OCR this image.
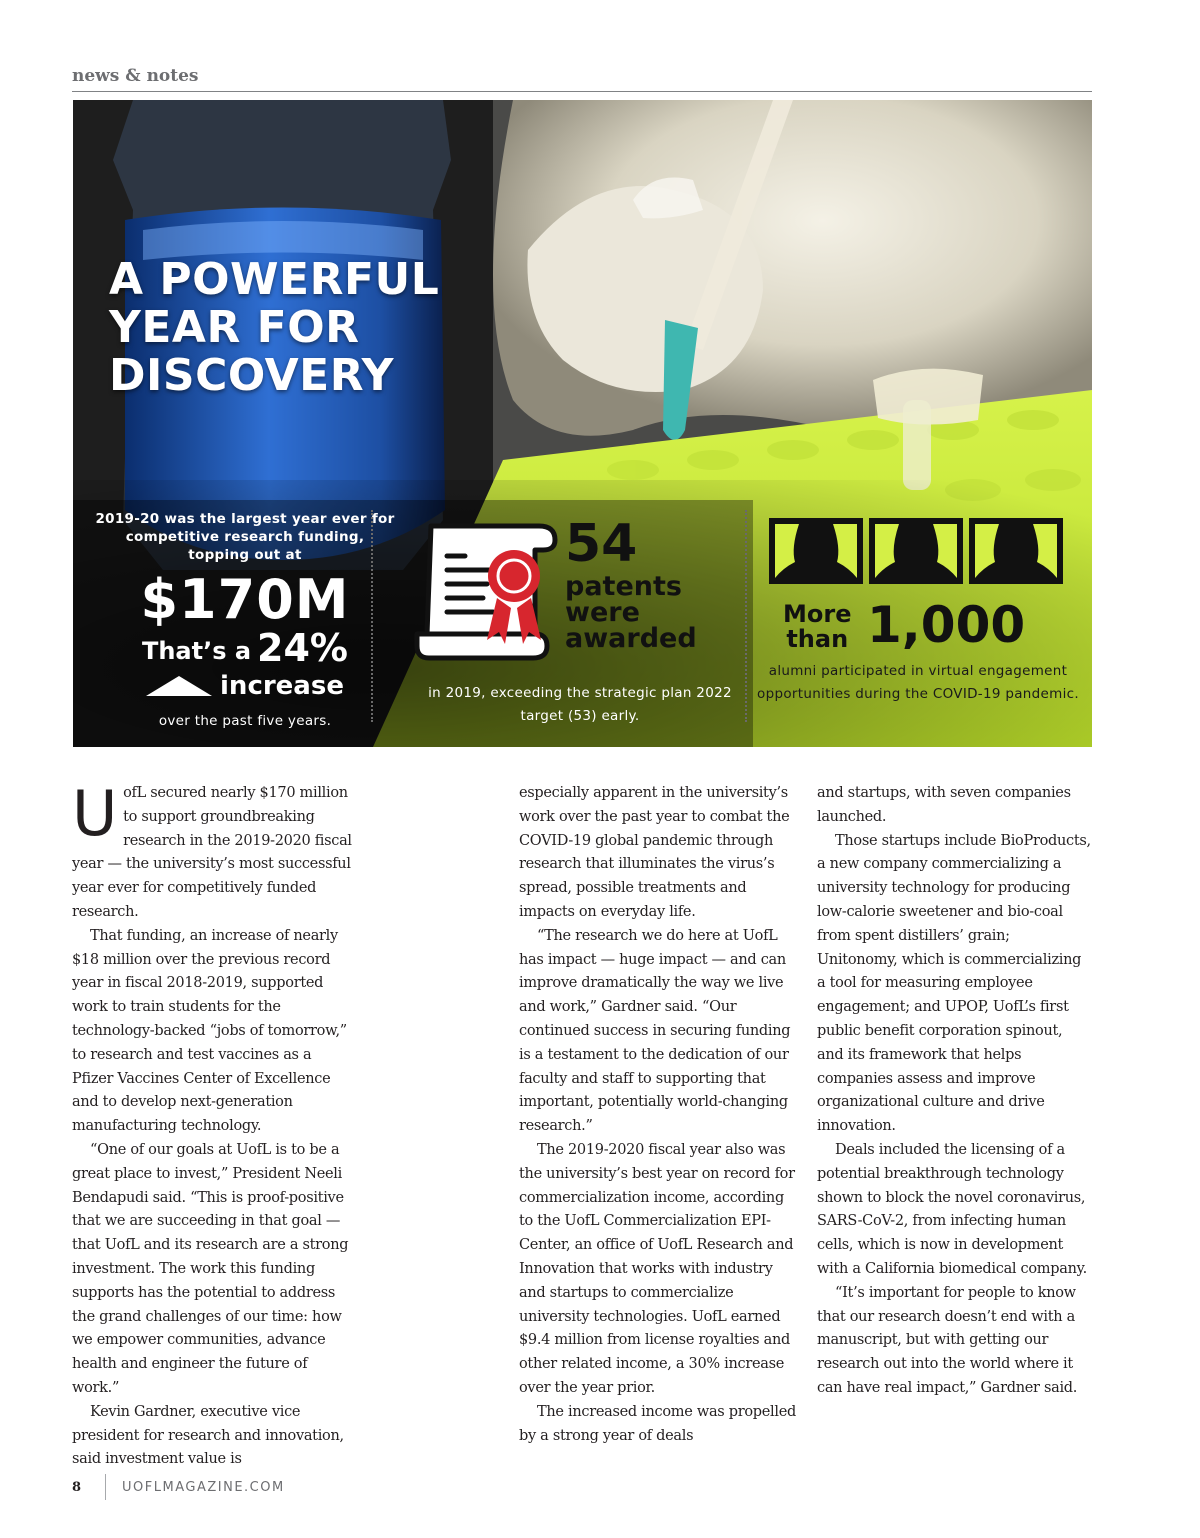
news & notes
A POWERFUL
YEAR FOR
DISCOVERY
2019-20 was the largest year ever for competitive research funding, topping out at
$170M
That’s a 24%
increase
over the past five years.
54
patents
were
awarded
in 2019, exceeding the strategic plan 2022 target (53) early.
More
than 1,000
alumni participated in virtual engagement opportunities during the COVID-19 pandemic.

UofL secured nearly $170 million to support groundbreaking research in the 2019-2020 fiscal year — the university’s most successful year ever for competitively funded research.

That funding, an increase of nearly $18 million over the previous record year in fiscal 2018-2019, supported work to train students for the technology-backed “jobs of tomorrow,” to research and test vaccines as a Pfizer Vaccines Center of Excellence and to develop next-generation manufacturing technology.

“One of our goals at UofL is to be a great place to invest,” President Neeli Bendapudi said. “This is proof-positive that we are succeeding in that goal — that UofL and its research are a strong investment. The work this funding supports has the potential to address the grand challenges of our time: how we empower communities, advance health and engineer the future of work.”

Kevin Gardner, executive vice president for research and innovation, said investment value is

especially apparent in the university’s work over the past year to combat the COVID-19 global pandemic through research that illuminates the virus’s spread, possible treatments and impacts on everyday life.

“The research we do here at UofL has impact — huge impact — and can improve dramatically the way we live and work,” Gardner said. “Our continued success in securing funding is a testament to the dedication of our faculty and staff to supporting that important, potentially world-changing research.”

The 2019-2020 fiscal year also was the university’s best year on record for commercialization income, according to the UofL Commercialization EPI-Center, an office of UofL Research and Innovation that works with industry and startups to commercialize university technologies. UofL earned $9.4 million from license royalties and other related income, a 30% increase over the year prior.

The increased income was propelled by a strong year of deals

and startups, with seven companies launched.

Those startups include BioProducts, a new company commercializing a university technology for producing low-calorie sweetener and bio-coal from spent distillers’ grain; Unitonomy, which is commercializing a tool for measuring employee engagement; and UPOP, UofL’s first public benefit corporation spinout, and its framework that helps companies assess and improve organizational culture and drive innovation.

Deals included the licensing of a potential breakthrough technology shown to block the novel coronavirus, SARS-CoV-2, from infecting human cells, which is now in development with a California biomedical company.

“It’s important for people to know that our research doesn’t end with a manuscript, but with getting our research out into the world where it can have real impact,” Gardner said.

8	UOFLMAGAZINE.COM
